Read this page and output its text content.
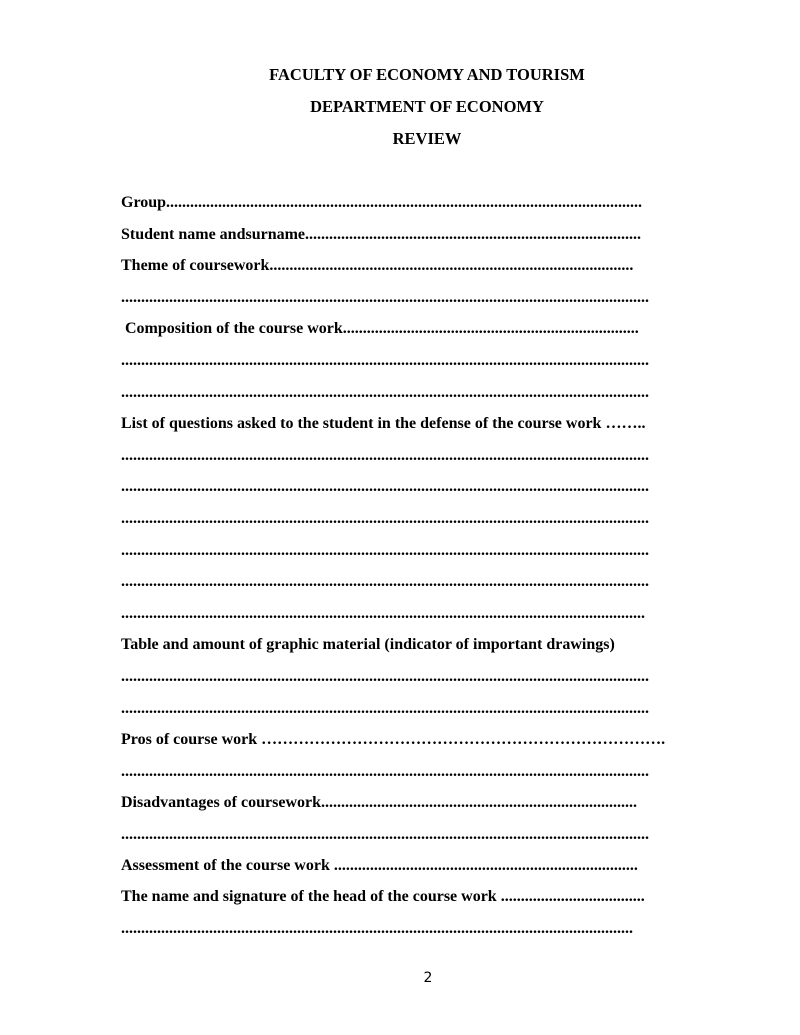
FACULTY OF ECONOMY AND TOURISM
DEPARTMENT OF ECONOMY
REVIEW
Group.......................................................................................................................
Student name andsurname....................................................................................
Theme of coursework...........................................................................................
....................................................................................................................................
Composition of the course work..........................................................................
....................................................................................................................................
....................................................................................................................................
List of questions asked to the student in the defense of the course work ……..
....................................................................................................................................
....................................................................................................................................
....................................................................................................................................
....................................................................................................................................
....................................................................................................................................
...................................................................................................................................
Table and amount of graphic material (indicator of important drawings)
....................................................................................................................................
....................................................................................................................................
Pros of course work ………………………………………………………………….
....................................................................................................................................
Disadvantages of coursework...............................................................................
....................................................................................................................................
Assessment of the course work ............................................................................
The name and signature of the head of the course work ....................................
................................................................................................................................
2
